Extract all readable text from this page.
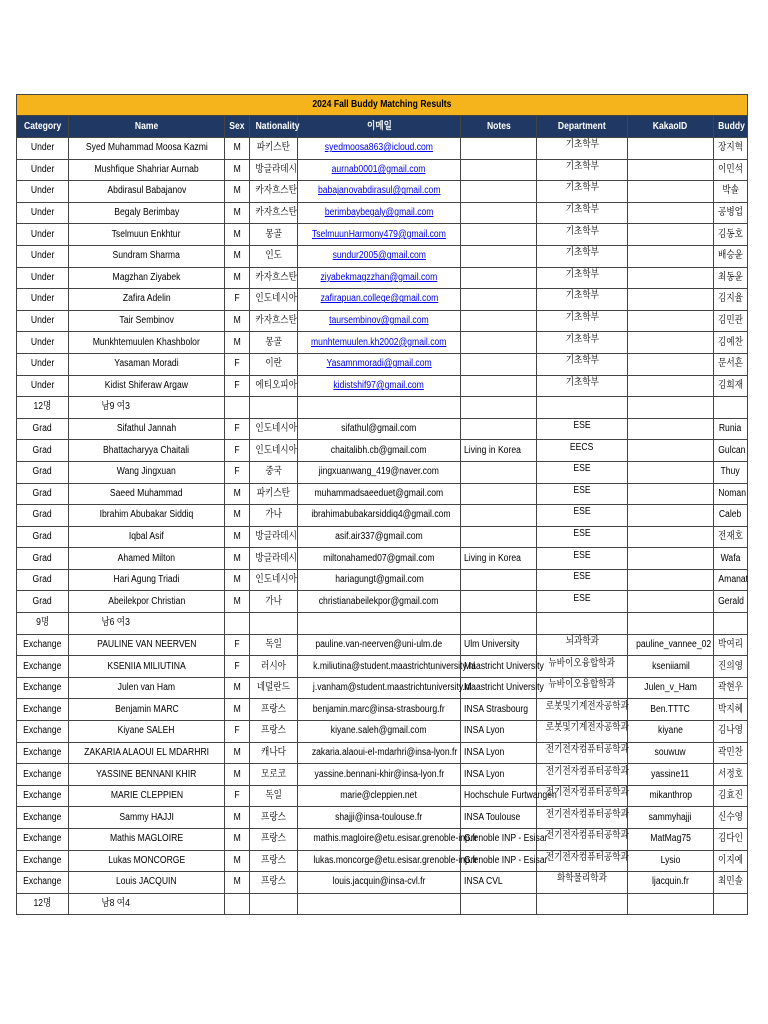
2024 Fall Buddy Matching Results								
Category	Name	Sex	Nationality	이메일	Notes	Department	KakaoID	Buddy
Under	Syed Muhammad Moosa Kazmi	M	파키스탄	syedmoosa863@icloud.com		기초학부		장지혁
Under	Mushfique Shahriar Aurnab	M	방글라데시	aurnab0001@gmail.com		기초학부		이민석
Under	Abdirasul Babajanov	M	카자흐스탄	babajanovabdirasul@gmail.com		기초학부		박솔
Under	Begaly Berimbay	M	카자흐스탄	berimbaybegaly@gmail.com		기초학부		공병업
Under	Tselmuun Enkhtur	M	몽골	TselmuunHarmony479@gmail.com		기초학부		김동호
Under	Sundram Sharma	M	인도	sundur2005@gmail.com		기초학부		배승윤
Under	Magzhan Ziyabek	M	카자흐스탄	ziyabekmagzzhan@gmail.com		기초학부		최동윤
Under	Zafira Adelin	F	인도네시아	zafirapuan.college@gmail.com		기초학부		김지율
Under	Tair Sembinov	M	카자흐스탄	taursembinov@gmail.com		기초학부		김민관
Under	Munkhtemuulen Khashbolor	M	몽골	munhtemuulen.kh2002@gmail.com		기초학부		김예찬
Under	Yasaman Moradi	F	이란	Yasamnmoradi@gmail.com		기초학부		문서흔
Under	Kidist Shiferaw Argaw	F	에티오피아	kidistshif97@gmail.com		기초학부		김희재
12명	남9 여3							
Grad	Sifathul Jannah	F	인도네시아	sifathul@gmail.com		ESE		Runia
Grad	Bhattacharyya Chaitali	F	인도네시아	chaitalibh.cb@gmail.com	Living in Korea	EECS		Gulcan
Grad	Wang Jingxuan	F	중국	jingxuanwang_419@naver.com		ESE		Thuy
Grad	Saeed Muhammad	M	파키스탄	muhammadsaeeduet@gmail.com		ESE		Noman
Grad	Ibrahim Abubakar Siddiq	M	가나	ibrahimabubakarsiddiq4@gmail.com		ESE		Caleb
Grad	Iqbal Asif	M	방글라데시	asif.air337@gmail.com		ESE		전재호
Grad	Ahamed Milton	M	방글라데시	miltonahamed07@gmail.com	Living in Korea	ESE		Wafa
Grad	Hari Agung Triadi	M	인도네시아	hariagungt@gmail.com		ESE		Amanat
Grad	Abeilekpor Christian	M	가나	christianabeilekpor@gmail.com		ESE		Gerald
9명	남6 여3							
Exchange	PAULINE VAN NEERVEN	F	독일	pauline.van-neerven@uni-ulm.de	Ulm University	뇌과학과	pauline_vannee_02	박여리
Exchange	KSENIIA MILIUTINA	F	러시아	k.miliutina@student.maastrichtuniversity.nl	Maastricht University	뉴바이오융합학과	kseniiamil	진의영
Exchange	Julen van Ham	M	네덜란드	j.vanham@student.maastrichtuniversity.nl	Maastricht University	뉴바이오융합학과	Julen_v_Ham	곽현우
Exchange	Benjamin MARC	M	프랑스	benjamin.marc@insa-strasbourg.fr	INSA Strasbourg	로봇및기계전자공학과	Ben.TTTC	박지혜
Exchange	Kiyane SALEH	F	프랑스	kiyane.saleh@gmail.com	INSA Lyon	로봇및기계전자공학과	kiyane	김나영
Exchange	ZAKARIA ALAOUI EL MDARHRI	M	캐나다	zakaria.alaoui-el-mdarhri@insa-lyon.fr	INSA Lyon	전기전자컴퓨터공학과	souwuw	곽민찬
Exchange	YASSINE BENNANI KHIR	M	모로코	yassine.bennani-khir@insa-lyon.fr	INSA Lyon	전기전자컴퓨터공학과	yassine11	서정호
Exchange	MARIE CLEPPIEN	F	독일	marie@cleppien.net	Hochschule Furtwangen	전기전자컴퓨터공학과	mikanthrop	김효진
Exchange	Sammy HAJJI	M	프랑스	shajji@insa-toulouse.fr	INSA Toulouse	전기전자컴퓨터공학과	sammyhajji	신수영
Exchange	Mathis MAGLOIRE	M	프랑스	mathis.magloire@etu.esisar.grenoble-inp.fr	Grenoble INP - Esisar	전기전자컴퓨터공학과	MatMag75	김다인
Exchange	Lukas MONCORGE	M	프랑스	lukas.moncorge@etu.esisar.grenoble-inp.fr	Grenoble INP - Esisar	전기전자컴퓨터공학과	Lysio	이지예
Exchange	Louis JACQUIN	M	프랑스	louis.jacquin@insa-cvl.fr	INSA CVL	화학물리학과	ljacquin.fr	최민솔
12명	남8 여4							
